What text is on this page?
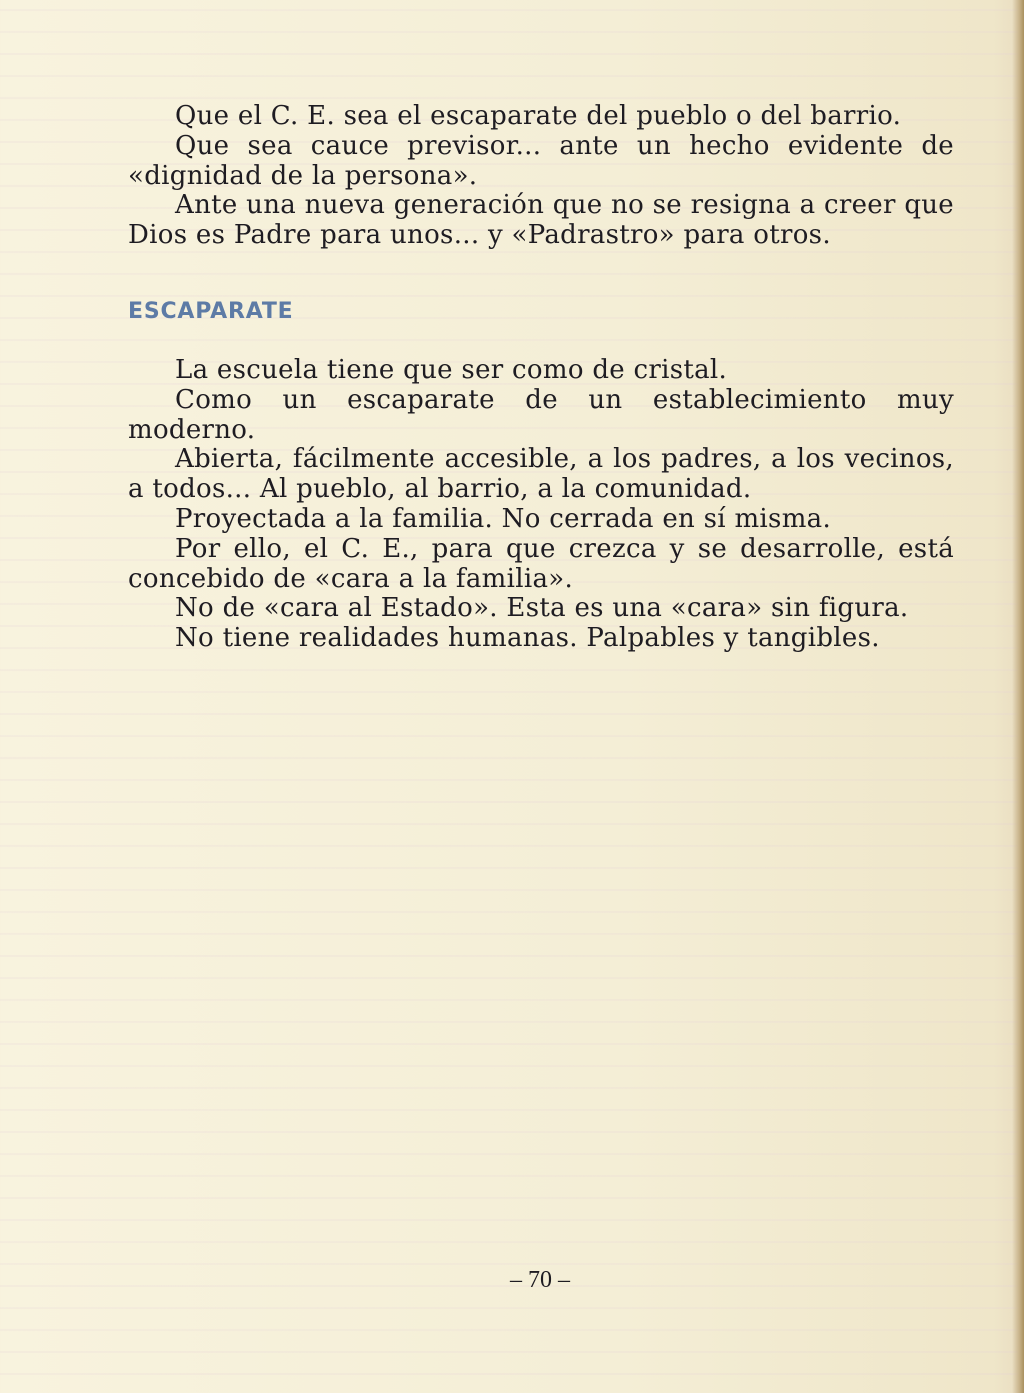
Que el C. E. sea el escaparate del pueblo o del barrio.

Que sea cauce previsor... ante un hecho evidente de «dignidad de la persona».

Ante una nueva generación que no se resigna a creer que Dios es Padre para unos... y «Padrastro» para otros.

ESCAPARATE

La escuela tiene que ser como de cristal.

Como un escaparate de un establecimiento muy moderno.

Abierta, fácilmente accesible, a los padres, a los vecinos, a todos... Al pueblo, al barrio, a la comunidad.

Proyectada a la familia. No cerrada en sí misma.

Por ello, el C. E., para que crezca y se desarrolle, está concebido de «cara a la familia».

No de «cara al Estado». Esta es una «cara» sin figura.

No tiene realidades humanas. Palpables y tangibles.

– 70 –
